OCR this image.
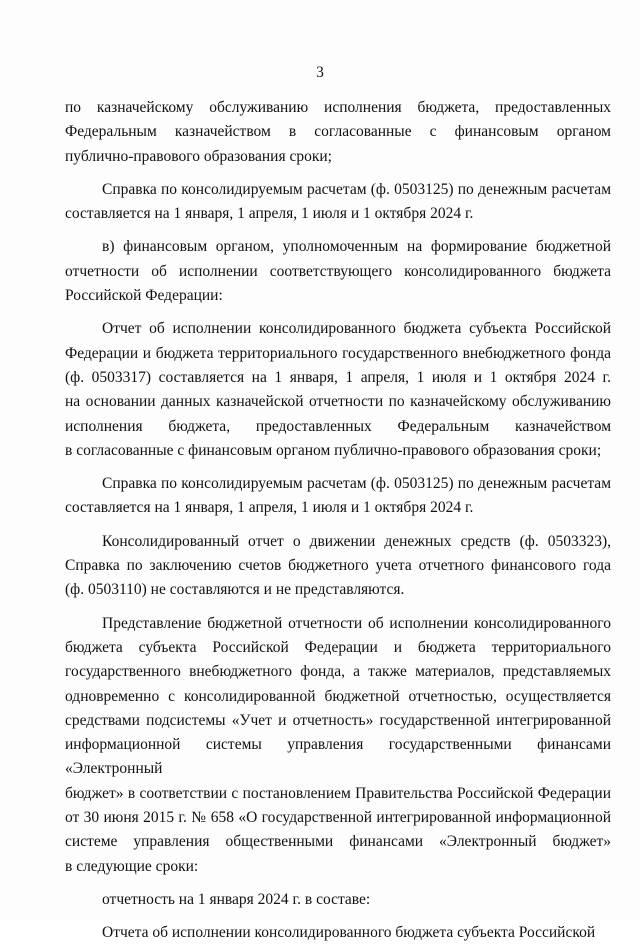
3
по казначейскому обслуживанию исполнения бюджета, предоставленных
Федеральным казначейством в согласованные с финансовым органом
публично-правового образования сроки;
Справка по консолидируемым расчетам (ф. 0503125) по денежным расчетам
составляется на 1 января, 1 апреля, 1 июля и 1 октября 2024 г.
в) финансовым органом, уполномоченным на формирование бюджетной
отчетности об исполнении соответствующего консолидированного бюджета
Российской Федерации:
Отчет об исполнении консолидированного бюджета субъекта Российской
Федерации и бюджета территориального государственного внебюджетного фонда
(ф. 0503317) составляется на 1 января, 1 апреля, 1 июля и 1 октября 2024 г.
на основании данных казначейской отчетности по казначейскому обслуживанию
исполнения бюджета, предоставленных Федеральным казначейством
в согласованные с финансовым органом публично-правового образования сроки;
Справка по консолидируемым расчетам (ф. 0503125) по денежным расчетам
составляется на 1 января, 1 апреля, 1 июля и 1 октября 2024 г.
Консолидированный отчет о движении денежных средств (ф. 0503323),
Справка по заключению счетов бюджетного учета отчетного финансового года
(ф. 0503110) не составляются и не представляются.
Представление бюджетной отчетности об исполнении консолидированного
бюджета субъекта Российской Федерации и бюджета территориального
государственного внебюджетного фонда, а также материалов, представляемых
одновременно с консолидированной бюджетной отчетностью, осуществляется
средствами подсистемы «Учет и отчетность» государственной интегрированной
информационной системы управления государственными финансами «Электронный
бюджет» в соответствии с постановлением Правительства Российской Федерации
от 30 июня 2015 г. № 658 «О государственной интегрированной информационной
системе управления общественными финансами «Электронный бюджет»
в следующие сроки:
отчетность на 1 января 2024 г. в составе:
Отчета об исполнении консолидированного бюджета субъекта Российской
